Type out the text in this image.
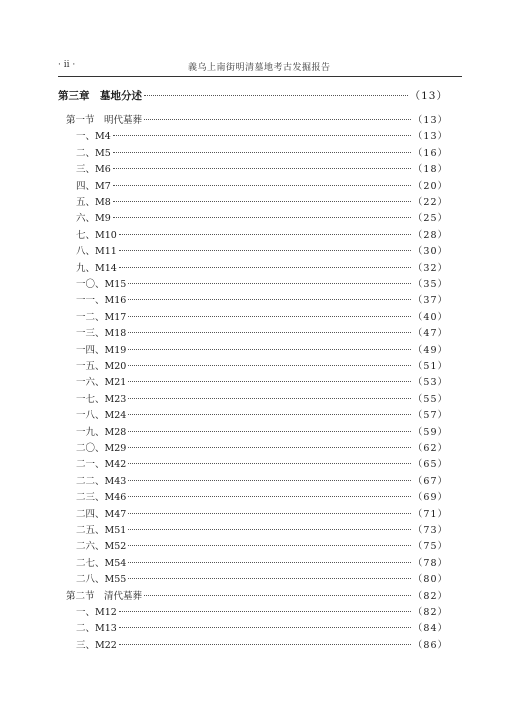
· ii ·	義乌上南街明清墓地考古发掘报告
第三章　墓地分述	（13）
第一节　明代墓葬	（13）
一、M4	（13）
二、M5	（16）
三、M6	（18）
四、M7	（20）
五、M8	（22）
六、M9	（25）
七、M10	（28）
八、M11	（30）
九、M14	（32）
一〇、M15	（35）
一一、M16	（37）
一二、M17	（40）
一三、M18	（47）
一四、M19	（49）
一五、M20	（51）
一六、M21	（53）
一七、M23	（55）
一八、M24	（57）
一九、M28	（59）
二〇、M29	（62）
二一、M42	（65）
二二、M43	（67）
二三、M46	（69）
二四、M47	（71）
二五、M51	（73）
二六、M52	（75）
二七、M54	（78）
二八、M55	（80）
第二节　清代墓葬	（82）
一、M12	（82）
二、M13	（84）
三、M22	（86）
